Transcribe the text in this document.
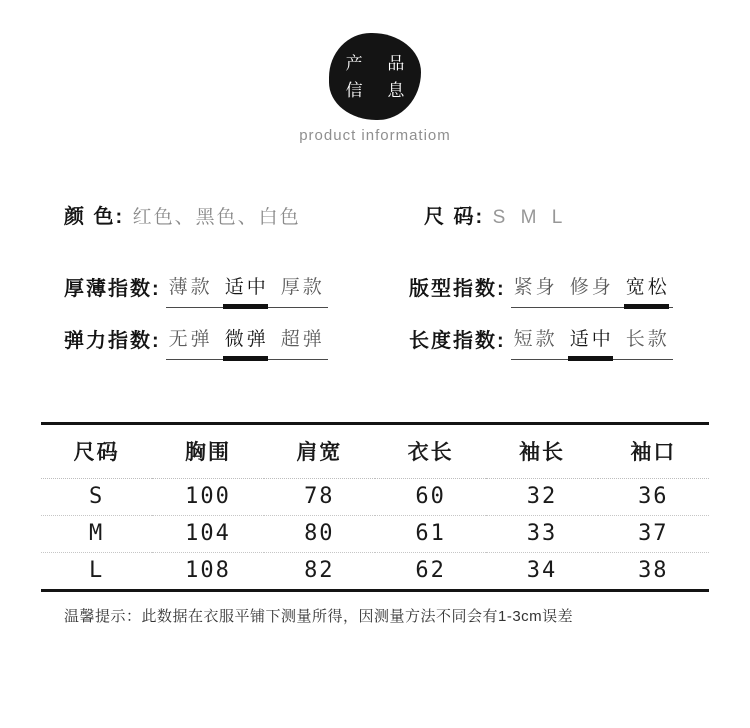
产 品
信 息
product informatiom
颜 色: 红色、黑色、白色	尺 码: S M L
厚薄指数: 薄款 适中 厚款	版型指数: 紧身 修身 宽松
弹力指数: 无弹 微弹 超弹	长度指数: 短款 适中 长款
尺码	胸围	肩宽	衣长	袖长	袖口
S	100	78	60	32	36
M	104	80	61	33	37
L	108	82	62	34	38
温馨提示：此数据在衣服平铺下测量所得，因测量方法不同会有1-3cm误差
